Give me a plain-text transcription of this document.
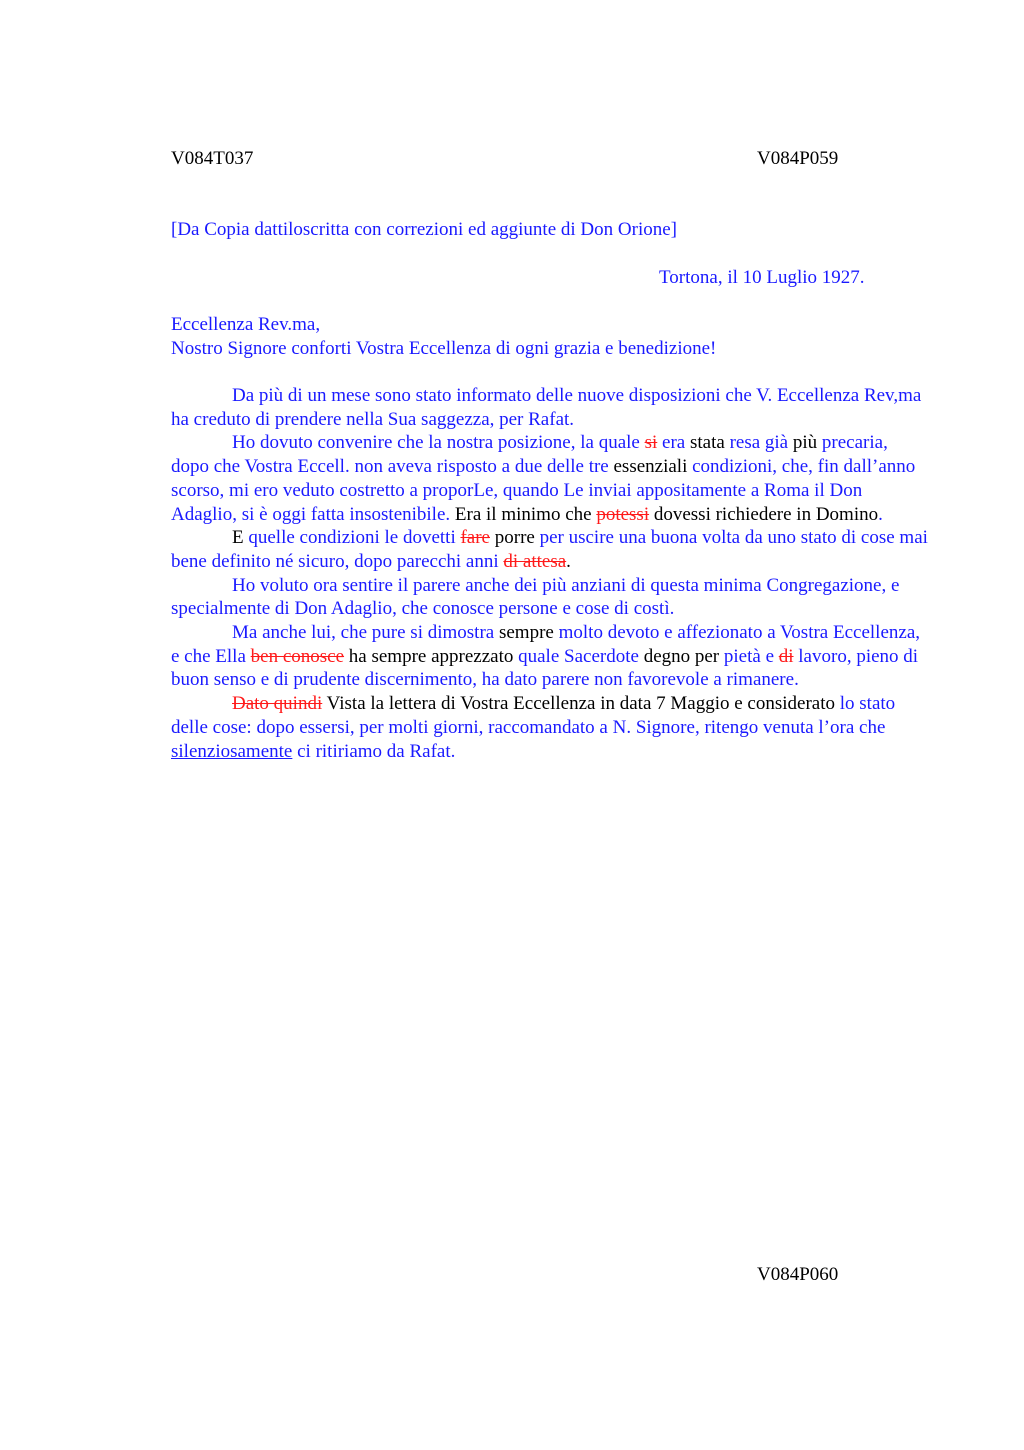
V084T037	V084P059
[Da Copia dattiloscritta con correzioni ed aggiunte di Don Orione]
Tortona, il 10 Luglio 1927.
Eccellenza Rev.ma,
Nostro Signore conforti Vostra Eccellenza di ogni grazia e benedizione!

Da più di un mese sono stato informato delle nuove disposizioni che V. Eccellenza Rev,ma ha creduto di prendere nella Sua saggezza, per Rafat.

Ho dovuto convenire che la nostra posizione, la quale si era stata resa già più precaria, dopo che Vostra Eccell. non aveva risposto a due delle tre essenziali condizioni, che, fin dall’anno scorso, mi ero veduto costretto a proporLe, quando Le inviai appositamente a Roma il Don Adaglio, si è oggi fatta insostenibile. Era il minimo che potessi dovessi richiedere in Domino.

E quelle condizioni le dovetti fare porre per uscire una buona volta da uno stato di cose mai bene definito né sicuro, dopo parecchi anni di attesa.

Ho voluto ora sentire il parere anche dei più anziani di questa minima Congregazione, e specialmente di Don Adaglio, che conosce persone e cose di costì.

Ma anche lui, che pure si dimostra sempre molto devoto e affezionato a Vostra Eccellenza, e che Ella ben conosce ha sempre apprezzato quale Sacerdote degno per pietà e di lavoro, pieno di buon senso e di prudente discernimento, ha dato parere non favorevole a rimanere.

Dato quindi Vista la lettera di Vostra Eccellenza in data 7 Maggio e considerato lo stato delle cose: dopo essersi, per molti giorni, raccomandato a N. Signore, ritengo venuta l’ora che silenziosamente ci ritiriamo da Rafat.

V084P060
